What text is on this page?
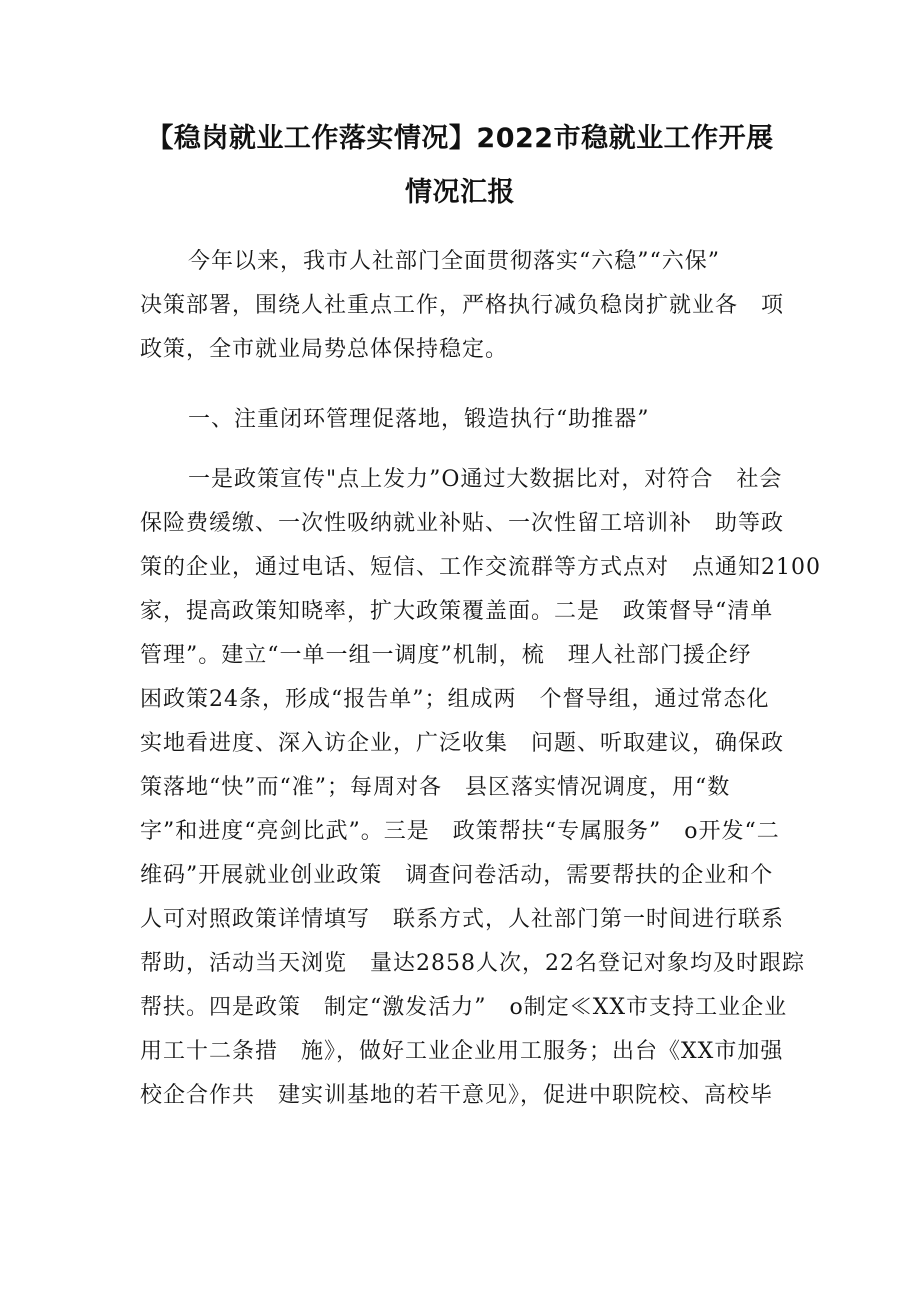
【稳岗就业工作落实情况】2022市稳就业工作开展
情况汇报
今年以来，我市人社部门全面贯彻落实“六稳”“六保”
决策部署，围绕人社重点工作，严格执行减负稳岗扩就业各　项
政策，全市就业局势总体保持稳定。
一、注重闭环管理促落地，锻造执行“助推器”
一是政策宣传"点上发力”O通过大数据比对，对符合　社会
保险费缓缴、一次性吸纳就业补贴、一次性留工培训补　助等政
策的企业，通过电话、短信、工作交流群等方式点对　点通知2100
家，提高政策知晓率，扩大政策覆盖面。二是　政策督导“清单
管理”。建立“一单一组一调度”机制，梳　理人社部门援企纾
困政策24条，形成“报告单”；组成两　个督导组，通过常态化
实地看进度、深入访企业，广泛收集　问题、听取建议，确保政
策落地“快”而“准”；每周对各　县区落实情况调度，用“数
字”和进度“亮剑比武”。三是　政策帮扶“专属服务”　o开发“二
维码”开展就业创业政策　调查问卷活动，需要帮扶的企业和个
人可对照政策详情填写　联系方式，人社部门第一时间进行联系
帮助，活动当天浏览　量达2858人次，22名登记对象均及时跟踪
帮扶。四是政策　制定“激发活力”　o制定≪XX市支持工业企业
用工十二条措　施》，做好工业企业用工服务；出台《XX市加强
校企合作共　建实训基地的若干意见》，促进中职院校、高校毕
